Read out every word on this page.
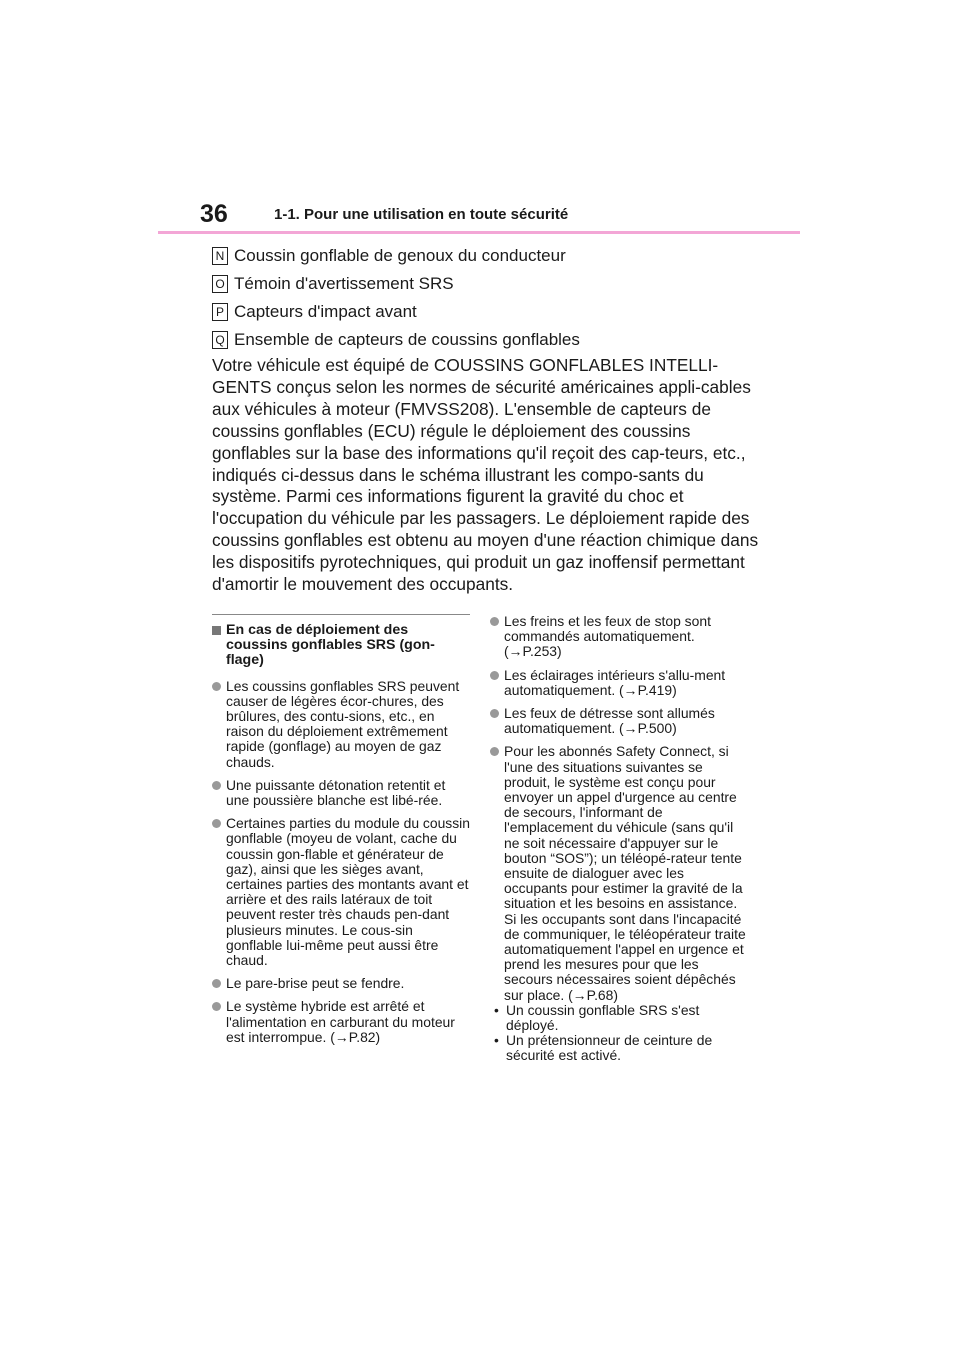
36	1-1. Pour une utilisation en toute sécurité
N Coussin gonflable de genoux du conducteur
O Témoin d'avertissement SRS
P Capteurs d'impact avant
Q Ensemble de capteurs de coussins gonflables

Votre véhicule est équipé de COUSSINS GONFLABLES INTELLI-GENTS conçus selon les normes de sécurité américaines appli-cables aux véhicules à moteur (FMVSS208). L'ensemble de capteurs de coussins gonflables (ECU) régule le déploiement des coussins gonflables sur la base des informations qu'il reçoit des cap-teurs, etc., indiqués ci-dessus dans le schéma illustrant les compo-sants du système. Parmi ces informations figurent la gravité du choc et l'occupation du véhicule par les passagers. Le déploiement rapide des coussins gonflables est obtenu au moyen d'une réaction chimique dans les dispositifs pyrotechniques, qui produit un gaz inoffensif permettant d'amortir le mouvement des occupants.

En cas de déploiement des coussins gonflables SRS (gon-flage)
Les coussins gonflables SRS peuvent causer de légères écor-chures, des brûlures, des contu-sions, etc., en raison du déploiement extrêmement rapide (gonflage) au moyen de gaz chauds.
Une puissante détonation retentit et une poussière blanche est libé-rée.
Certaines parties du module du coussin gonflable (moyeu de volant, cache du coussin gon-flable et générateur de gaz), ainsi que les sièges avant, certaines parties des montants avant et arrière et des rails latéraux de toit peuvent rester très chauds pen-dant plusieurs minutes. Le cous-sin gonflable lui-même peut aussi être chaud.
Le pare-brise peut se fendre.
Le système hybride est arrêté et l'alimentation en carburant du moteur est interrompue. (→P.82)
Les freins et les feux de stop sont commandés automatiquement. (→P.253)
Les éclairages intérieurs s'allu-ment automatiquement. (→P.419)
Les feux de détresse sont allumés automatiquement. (→P.500)
Pour les abonnés Safety Connect, si l'une des situations suivantes se produit, le système est conçu pour envoyer un appel d'urgence au centre de secours, l'informant de l'emplacement du véhicule (sans qu'il ne soit nécessaire d'appuyer sur le bouton “SOS”); un téléopé-rateur tente ensuite de dialoguer avec les occupants pour estimer la gravité de la situation et les besoins en assistance. Si les occupants sont dans l'incapacité de communiquer, le téléopérateur traite automatiquement l'appel en urgence et prend les mesures pour que les secours nécessaires soient dépêchés sur place. (→P.68)
• Un coussin gonflable SRS s'est déployé.
• Un prétensionneur de ceinture de sécurité est activé.
